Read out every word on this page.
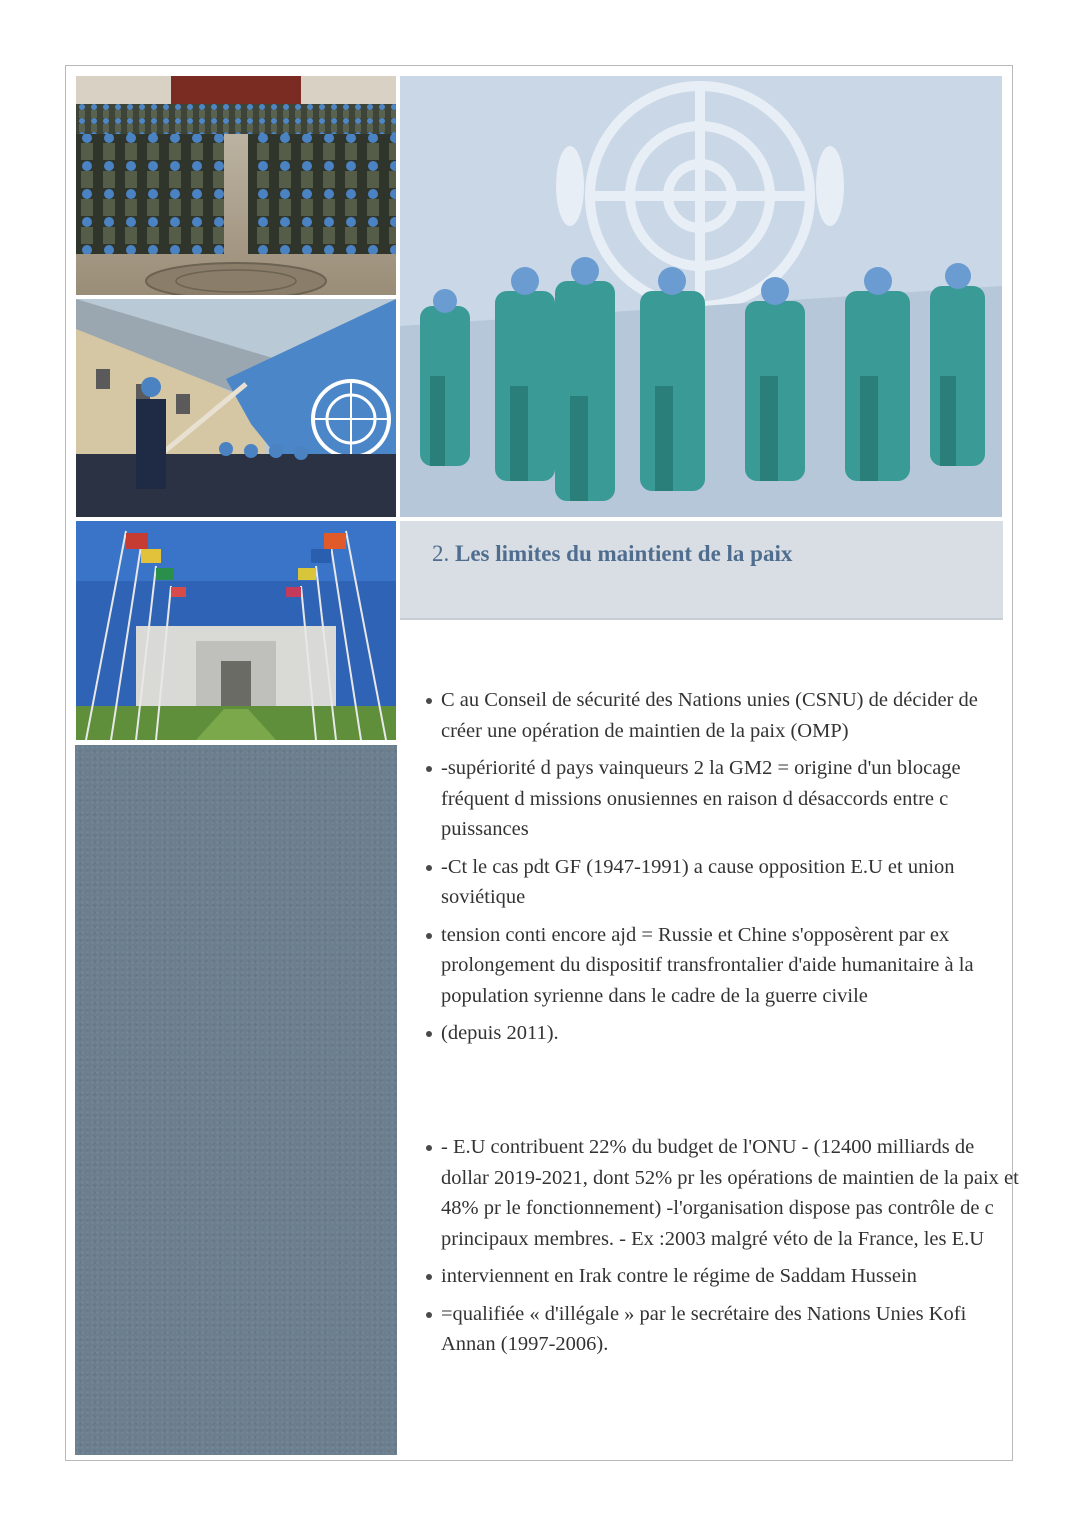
2. Les limites du maintient de la paix
C au Conseil de sécurité des Nations unies (CSNU) de décider de créer une opération de maintien de la paix (OMP)
-supériorité d pays vainqueurs 2 la GM2 = origine d'un blocage fréquent d missions onusiennes en raison d désaccords entre c puissances
-Ct le cas pdt GF (1947-1991) a cause opposition E.U et union soviétique
tension conti encore ajd = Russie et Chine s'opposèrent par ex prolongement du dispositif transfrontalier d'aide humanitaire à la population syrienne dans le cadre de la guerre civile
(depuis 2011).
- E.U contribuent 22% du budget de l'ONU - (12400 milliards de dollar 2019-2021, dont 52% pr les opérations de maintien de la paix et 48% pr le fonctionnement) -l'organisation dispose pas contrôle de c principaux membres. - Ex :2003 malgré véto de la France, les E.U
interviennent en Irak contre le régime de Saddam Hussein
=qualifiée « d'illégale » par le secrétaire des Nations Unies Kofi Annan (1997-2006).
